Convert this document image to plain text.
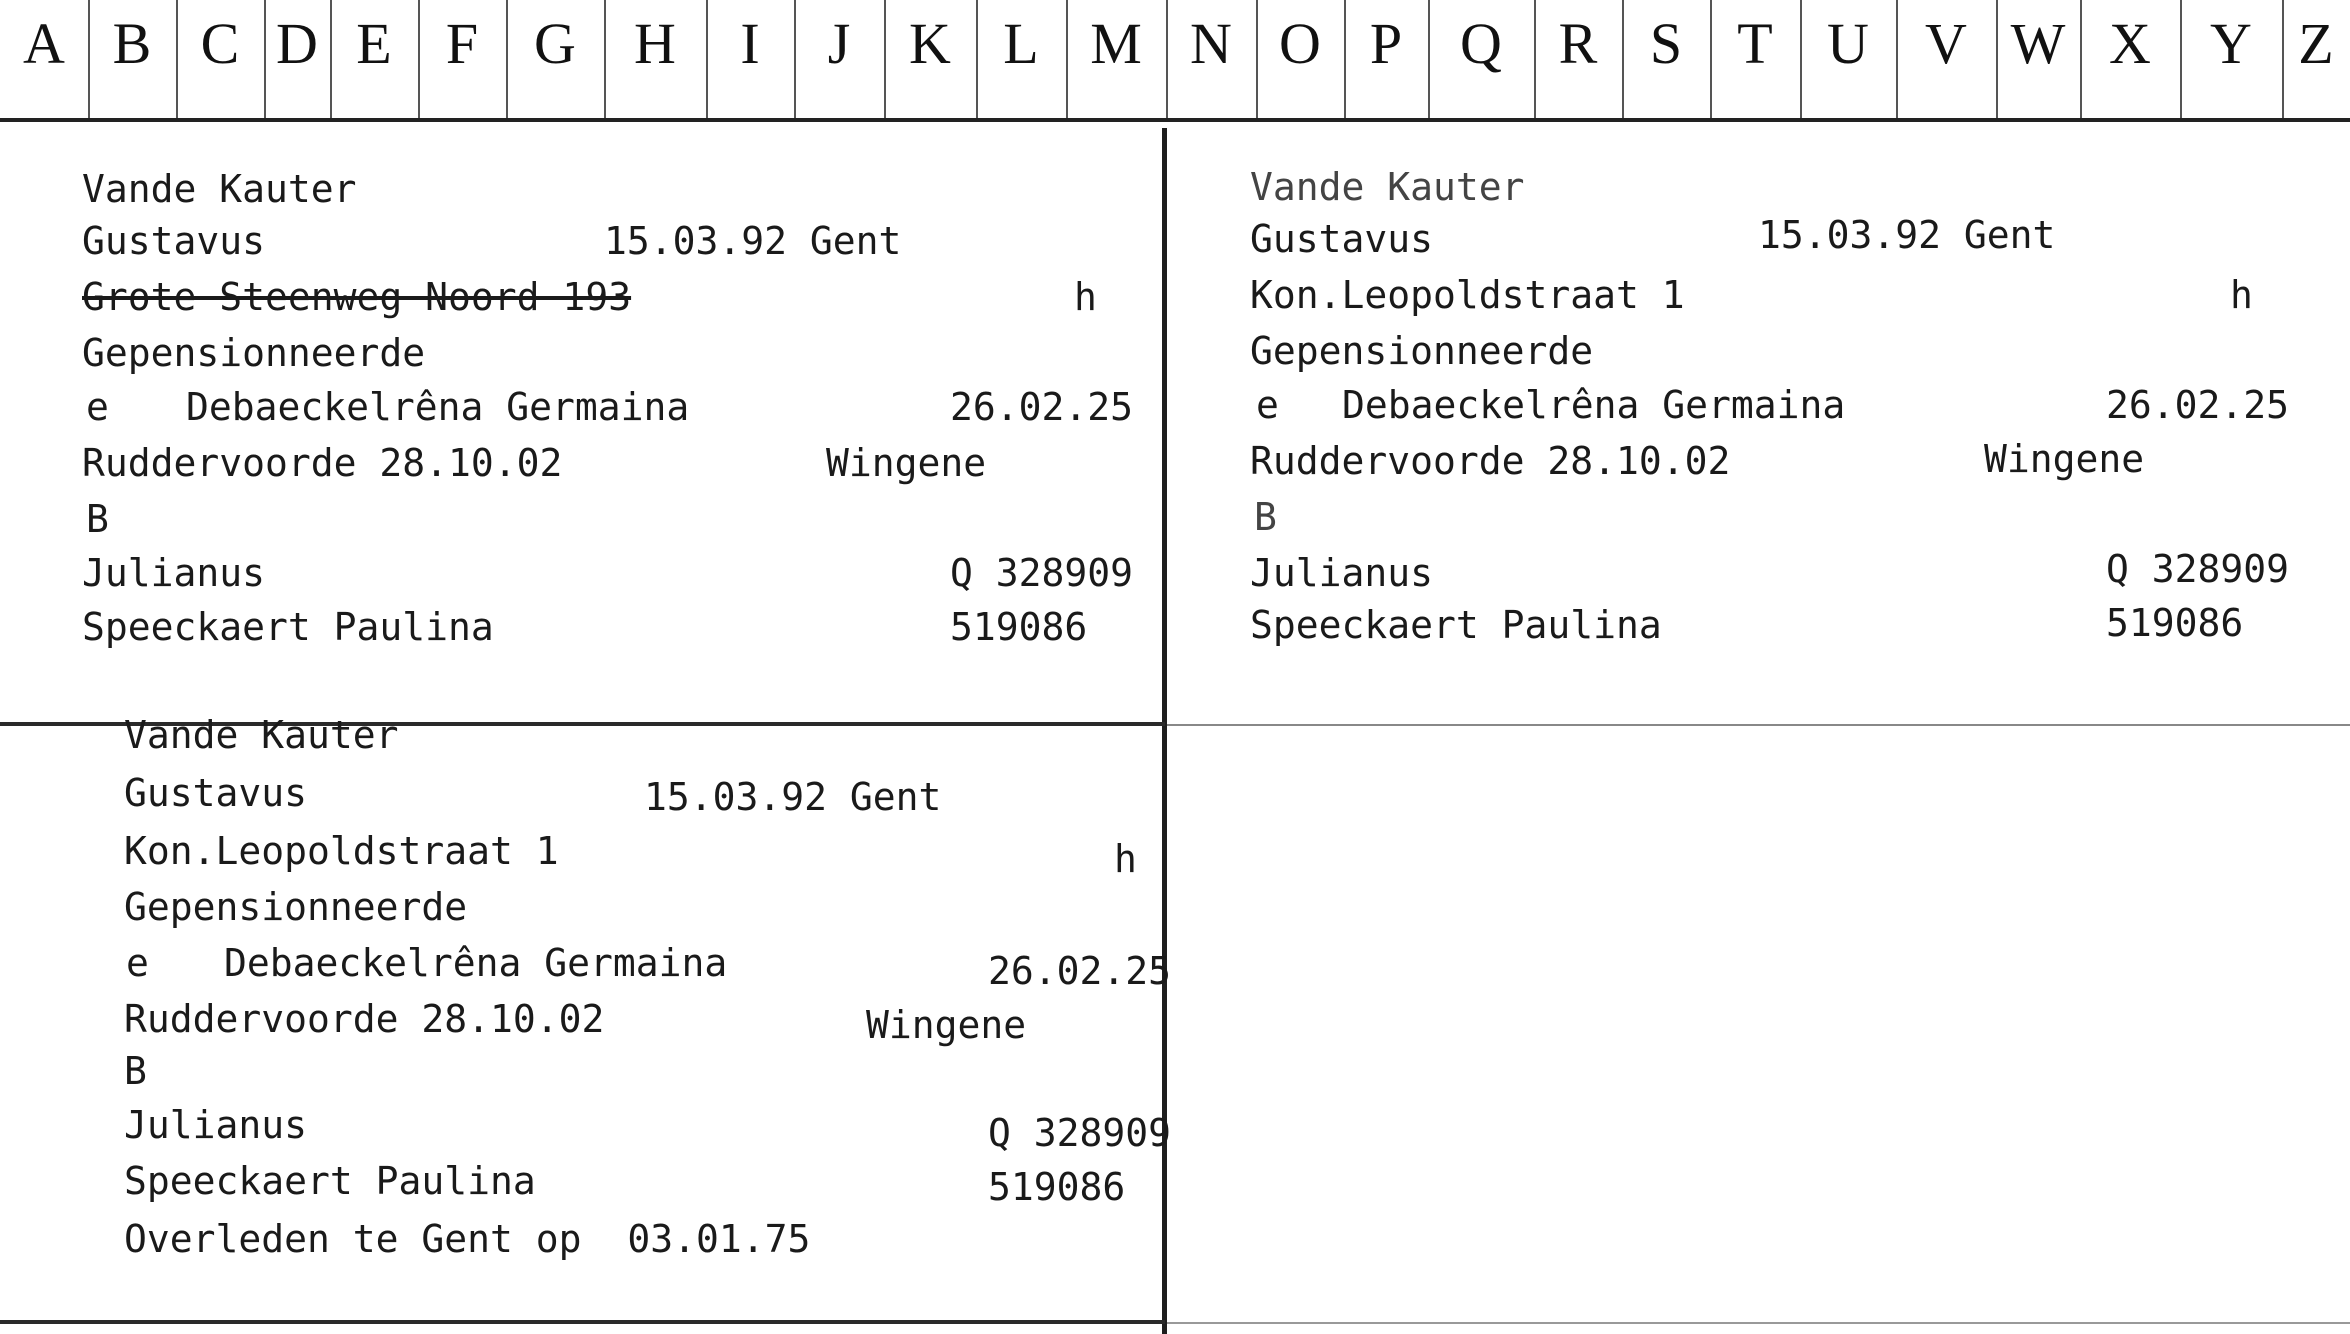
A B C D E F G	H	I	J	K L M N O P Q R S T U V W X	Y Z
Vande Kauter
Gustavus	15.03.92 Gent
Grote Steenweg Noord 193	h
Gepensionneerde
e Debaeckelrêna Germaina	26.02.25
Ruddervoorde 28.10.02	Wingene
B
Julianus	Q 328909
Speeckaert Paulina	519086
Vande Kauter
Gustavus	15.03.92 Gent
Kon.Leopoldstraat 1	h
Gepensionneerde
e Debaeckelrêna Germaina	26.02.25
Ruddervoorde 28.10.02	Wingene
B
Julianus	Q 328909
Speeckaert Paulina	519086
Vande Kauter
Gustavus	15.03.92 Gent
Kon.Leopoldstraat 1	h
Gepensionneerde
e Debaeckelrêna Germaina	26.02.25
Ruddervoorde 28.10.02	Wingene
B
Julianus	Q 328909
Speeckaert Paulina	519086
Overleden te Gent op  03.01.75
